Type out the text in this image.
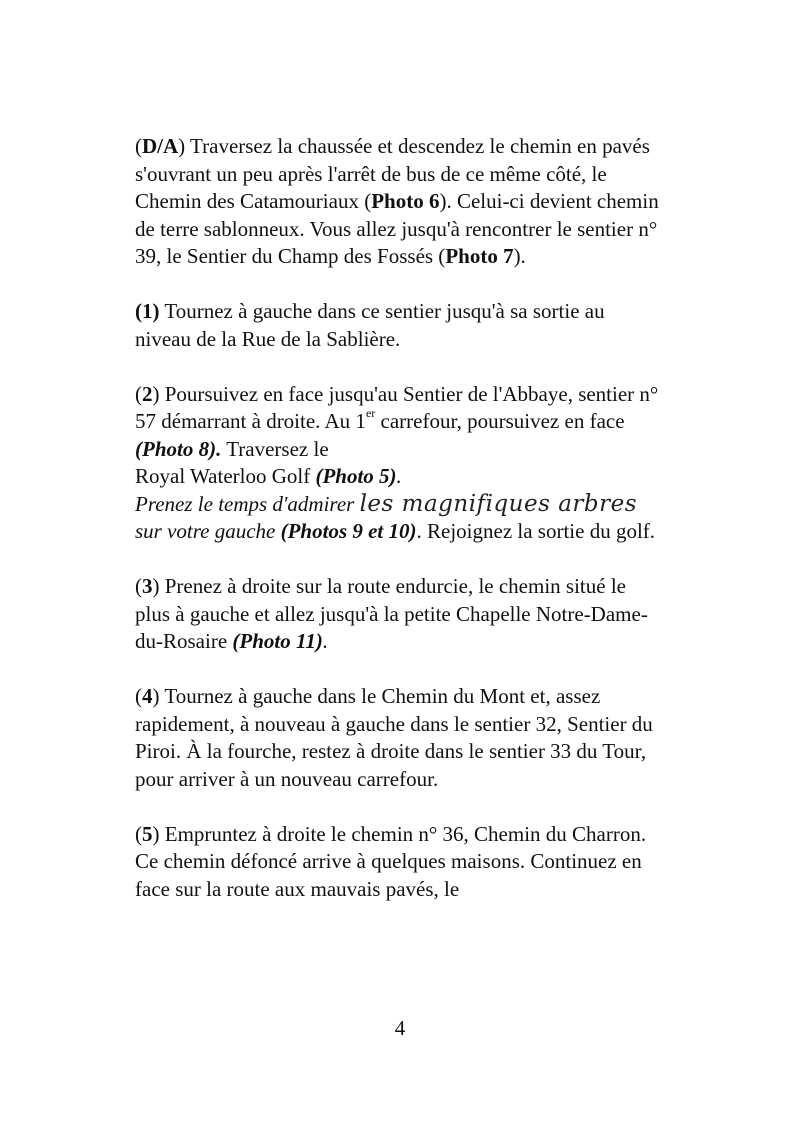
(D/A) Traversez la chaussée et descendez le chemin en pavés s'ouvrant un peu après l'arrêt de bus de ce même côté, le Chemin des Catamouriaux (Photo 6). Celui-ci devient chemin de terre sablonneux. Vous allez jusqu'à rencontrer le sentier n° 39, le Sentier du Champ des Fossés (Photo 7).

(1) Tournez à gauche dans ce sentier jusqu'à sa sortie au niveau de la Rue de la Sablière.

(2) Poursuivez en face jusqu'au Sentier de l'Abbaye, sentier n° 57 démarrant à droite. Au 1er carrefour, poursuivez en face (Photo 8). Traversez le
Royal Waterloo Golf (Photo 5).
Prenez le temps d'admirer les magnifiques arbres
sur votre gauche (Photos 9 et 10). Rejoignez la sortie du golf.

(3) Prenez à droite sur la route endurcie, le chemin situé le plus à gauche et allez jusqu'à la petite Chapelle Notre-Dame-du-Rosaire (Photo 11).

(4) Tournez à gauche dans le Chemin du Mont et, assez rapidement, à nouveau à gauche dans le sentier 32, Sentier du Piroi. À la fourche, restez à droite dans le sentier 33 du Tour, pour arriver à un nouveau carrefour.

(5) Empruntez à droite le chemin n° 36, Chemin du Charron. Ce chemin défoncé arrive à quelques maisons. Continuez en face sur la route aux mauvais pavés, le

4
